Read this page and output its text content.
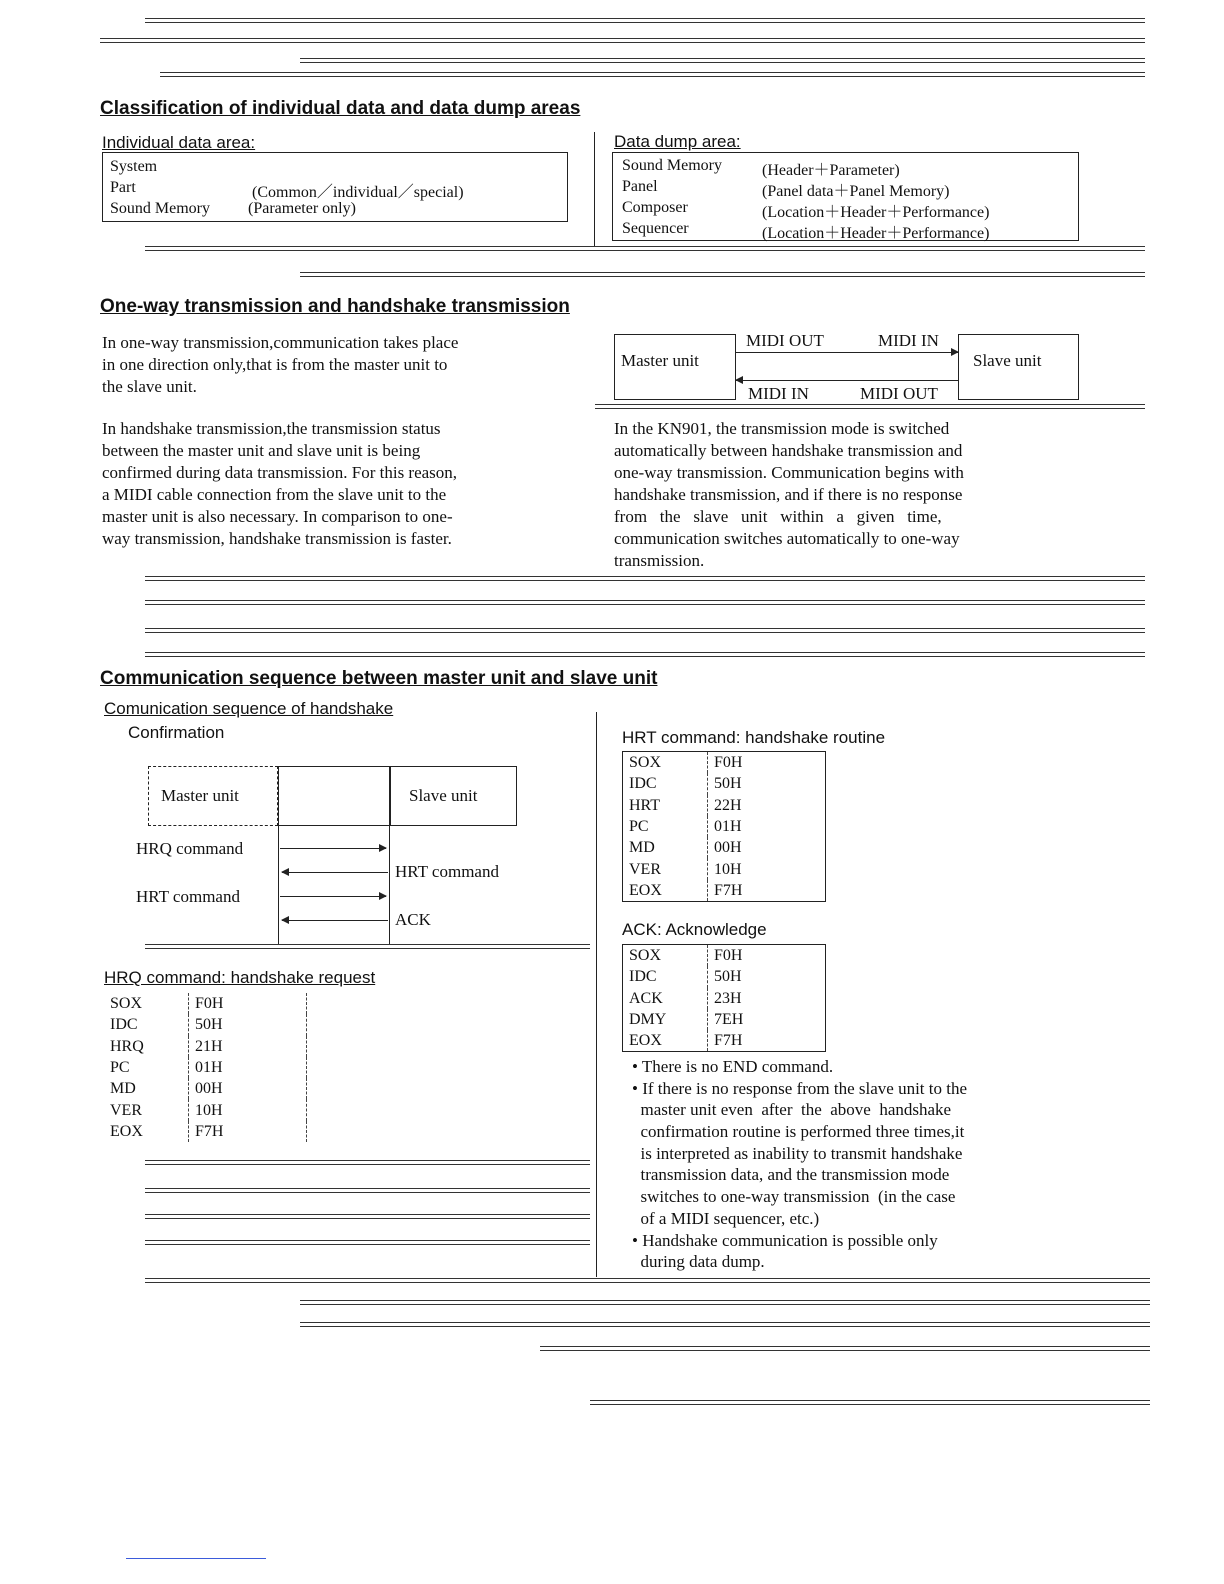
Classification of individual data and data dump areas
Individual data area:
System
Part	(Common／individual／special)
Sound Memory (Parameter only)
Data dump area:
Sound Memory	(Header＋Parameter)
Panel	(Panel data＋Panel Memory)
Composer	(Location＋Header＋Performance)
Sequencer	(Location＋Header＋Performance)
One-way transmission and handshake transmission
In one-way transmission,communication takes place
in one direction only,that is from the master unit to
the slave unit.
Master unit	Slave unit
MIDI OUT	MIDI IN
MIDI IN	MIDI OUT
In handshake transmission,the transmission status
between the master unit and slave unit is being
confirmed during data transmission. For this reason,
a MIDI cable connection from the slave unit to the
master unit is also necessary. In comparison to one-
way transmission, handshake transmission is faster.
In the KN901, the transmission mode is switched
automatically between handshake transmission and
one-way transmission. Communication begins with
handshake transmission, and if there is no response
from   the   slave   unit   within   a   given   time,
communication switches automatically to one-way
transmission.
Communication sequence between master unit and slave unit
Comunication sequence of handshake
Confirmation
Master unit	Slave unit
HRQ command
HRT command
HRT command
ACK
HRQ command: handshake request
SOX	F0H
IDC	50H
HRQ	21H
PC	01H
MD	00H
VER	10H
EOX	F7H
HRT command: handshake routine
SOX	F0H
IDC	50H
HRT	22H
PC	01H
MD	00H
VER	10H
EOX	F7H
ACK: Acknowledge
SOX	F0H
IDC	50H
ACK	23H
DMY	7EH
EOX	F7H
• There is no END command.
• If there is no response from the slave unit to the
master unit even  after  the  above  handshake
confirmation routine is performed three times,it
is interpreted as inability to transmit handshake
transmission data, and the transmission mode
switches to one-way transmission  (in the case
of a MIDI sequencer, etc.)
• Handshake communication is possible only
during data dump.
